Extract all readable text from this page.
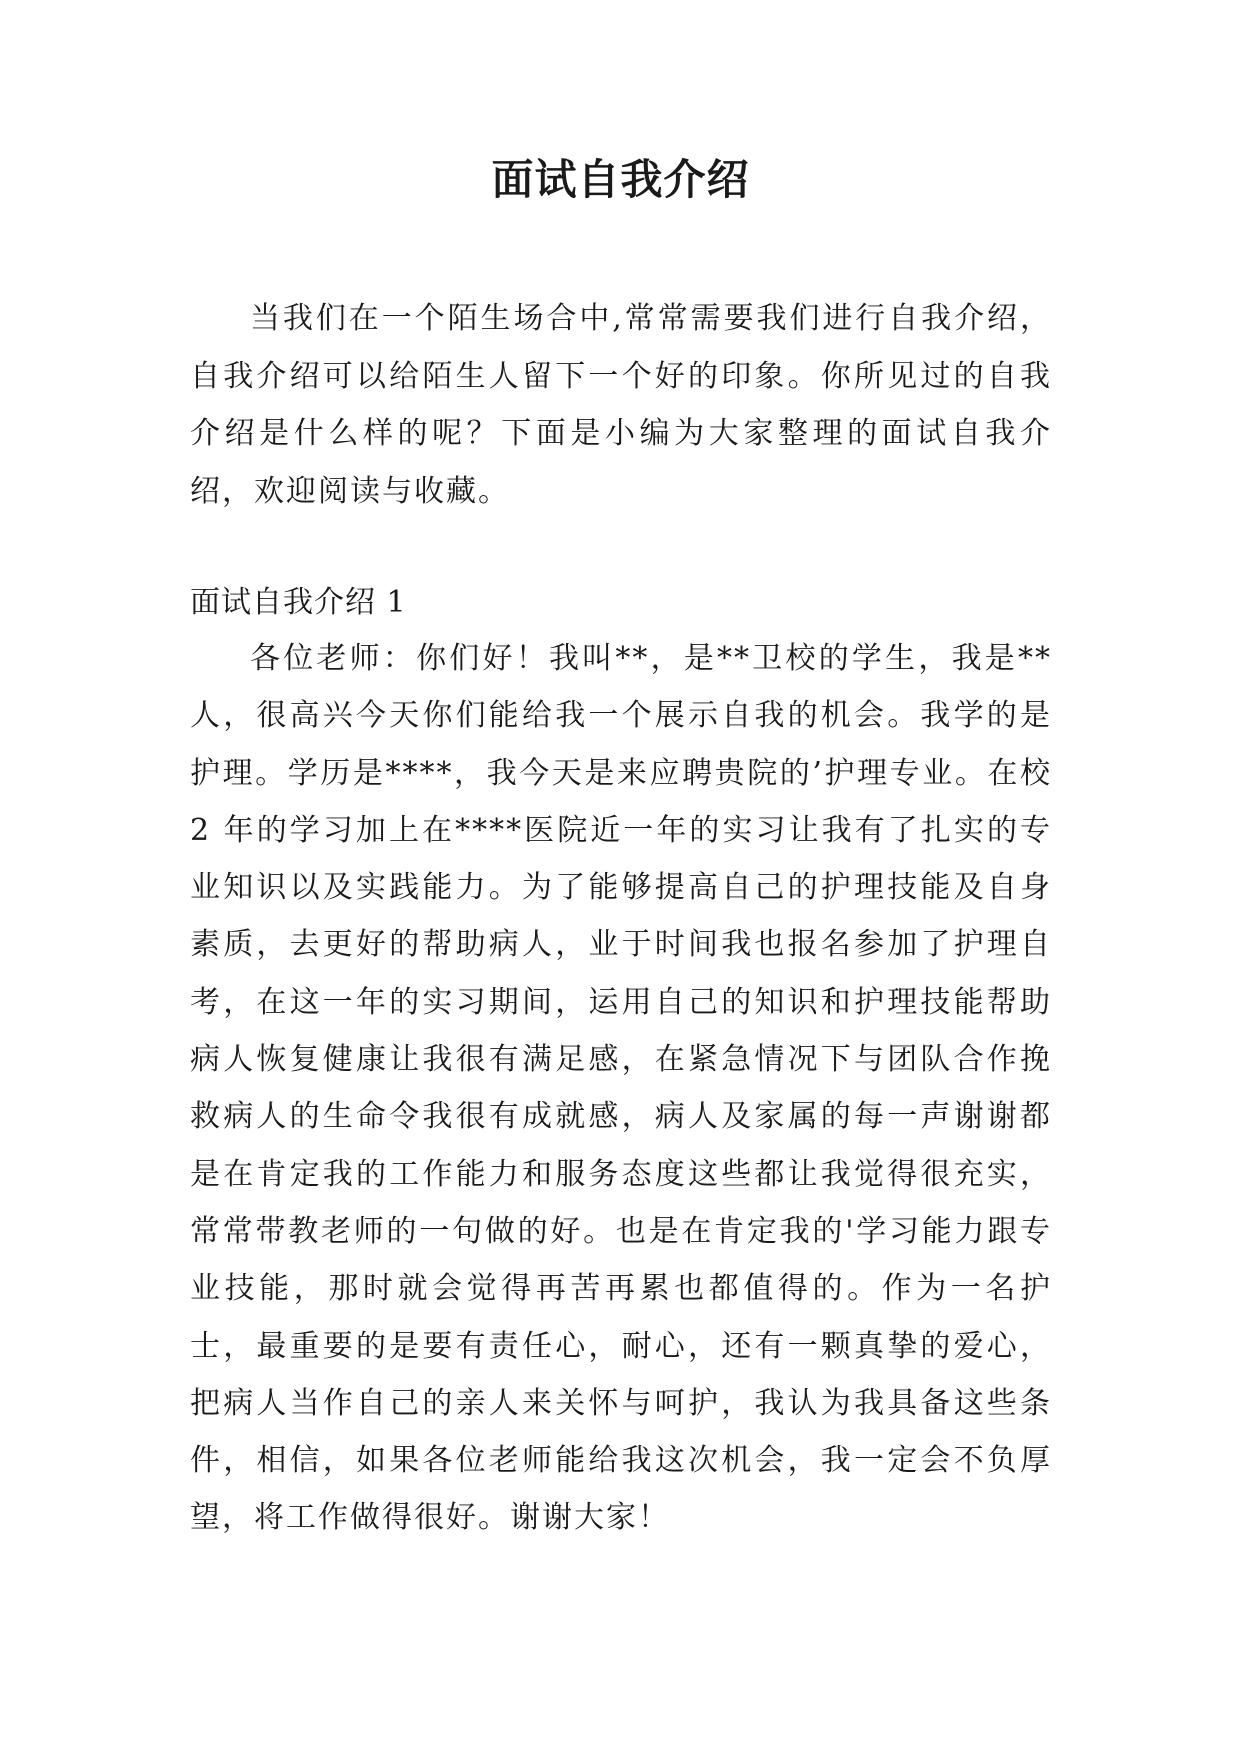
面试自我介绍

当我们在一个陌生场合中,常常需要我们进行自我介绍，自我介绍可以给陌生人留下一个好的印象。你所见过的自我介绍是什么样的呢？下面是小编为大家整理的面试自我介绍，欢迎阅读与收藏。

面试自我介绍 1

各位老师：你们好！我叫**，是**卫校的学生，我是**人，很高兴今天你们能给我一个展示自我的机会。我学的是护理。学历是****，我今天是来应聘贵院的’护理专业。在校 2 年的学习加上在****医院近一年的实习让我有了扎实的专业知识以及实践能力。为了能够提高自己的护理技能及自身素质，去更好的帮助病人，业于时间我也报名参加了护理自考，在这一年的实习期间，运用自己的知识和护理技能帮助病人恢复健康让我很有满足感，在紧急情况下与团队合作挽救病人的生命令我很有成就感，病人及家属的每一声谢谢都是在肯定我的工作能力和服务态度这些都让我觉得很充实，常常带教老师的一句做的好。也是在肯定我的'学习能力跟专业技能，那时就会觉得再苦再累也都值得的。作为一名护士，最重要的是要有责任心，耐心，还有一颗真挚的爱心，把病人当作自己的亲人来关怀与呵护，我认为我具备这些条件，相信，如果各位老师能给我这次机会，我一定会不负厚望，将工作做得很好。谢谢大家！
